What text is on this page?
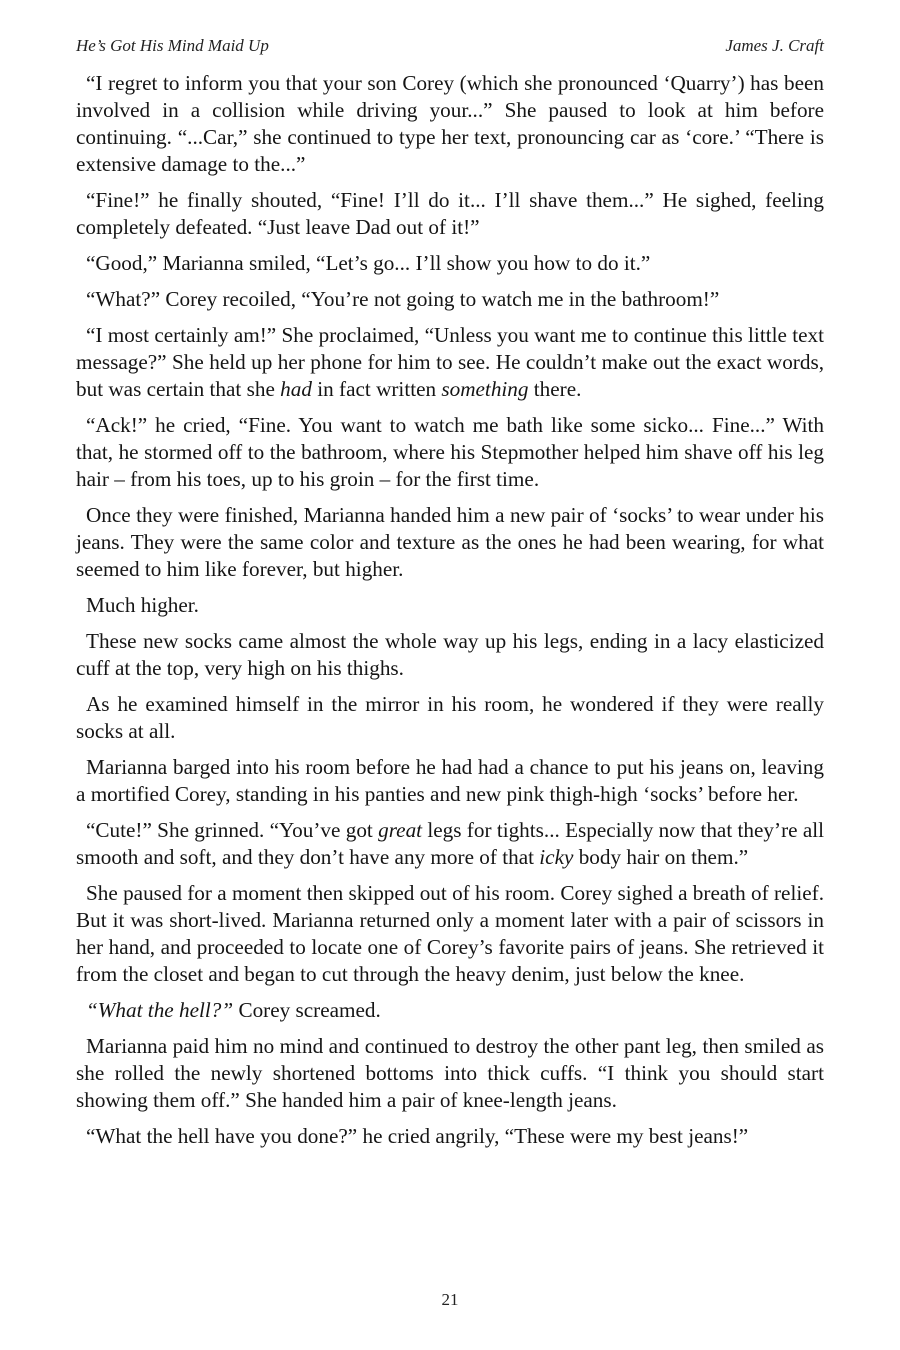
He’s Got His Mind Maid Up	James J. Craft

“I regret to inform you that your son Corey (which she pronounced ‘Quarry’) has been involved in a collision while driving your...” She paused to look at him before continuing. “...Car,” she continued to type her text, pronouncing car as ‘core.’ “There is extensive damage to the...”

“Fine!” he finally shouted, “Fine! I’ll do it... I’ll shave them...” He sighed, feeling completely defeated. “Just leave Dad out of it!”

“Good,” Marianna smiled, “Let’s go... I’ll show you how to do it.”

“What?” Corey recoiled, “You’re not going to watch me in the bathroom!”

“I most certainly am!” She proclaimed, “Unless you want me to continue this little text message?” She held up her phone for him to see. He couldn’t make out the exact words, but was certain that she had in fact written something there.

“Ack!” he cried, “Fine. You want to watch me bath like some sicko... Fine...” With that, he stormed off to the bathroom, where his Stepmother helped him shave off his leg hair – from his toes, up to his groin – for the first time.

Once they were finished, Marianna handed him a new pair of ‘socks’ to wear under his jeans. They were the same color and texture as the ones he had been wearing, for what seemed to him like forever, but higher.

Much higher.

These new socks came almost the whole way up his legs, ending in a lacy elasticized cuff at the top, very high on his thighs.

As he examined himself in the mirror in his room, he wondered if they were really socks at all.

Marianna barged into his room before he had had a chance to put his jeans on, leaving a mortified Corey, standing in his panties and new pink thigh-high ‘socks’ before her.

“Cute!” She grinned. “You’ve got great legs for tights... Especially now that they’re all smooth and soft, and they don’t have any more of that icky body hair on them.”

She paused for a moment then skipped out of his room. Corey sighed a breath of relief. But it was short-lived. Marianna returned only a moment later with a pair of scissors in her hand, and proceeded to locate one of Corey’s favorite pairs of jeans. She retrieved it from the closet and began to cut through the heavy denim, just below the knee.

“What the hell?” Corey screamed.

Marianna paid him no mind and continued to destroy the other pant leg, then smiled as she rolled the newly shortened bottoms into thick cuffs. “I think you should start showing them off.” She handed him a pair of knee-length jeans.

“What the hell have you done?” he cried angrily, “These were my best jeans!”

21
